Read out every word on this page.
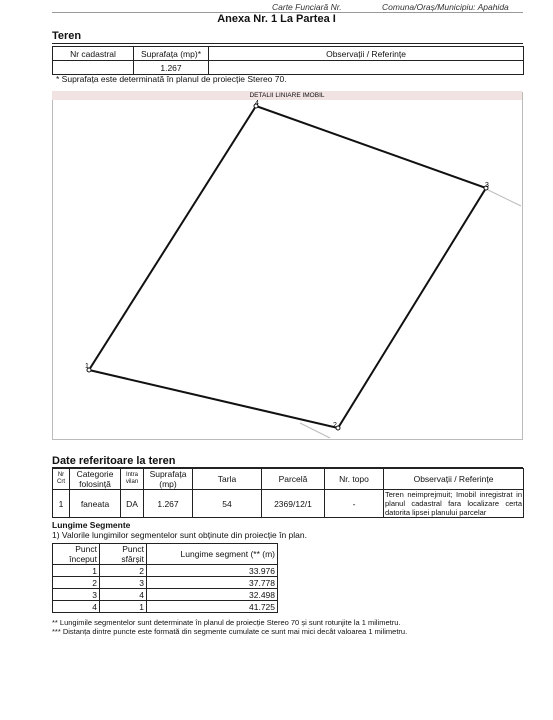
Carte Funciară Nr.	Comuna/Oraș/Municipiu: Apahida
Anexa Nr. 1 La Partea I
Teren
Nr cadastral	Suprafața (mp)*	Observații / Referințe
	1.267	
* Suprafața este determinată în planul de proiecție Stereo 70.
DETALII LINIARE IMOBIL
1
2
3
4
Date referitoare la teren
Nr Crt	Categorie folosință	Intra vilan	Suprafața (mp)	Tarla	Parcelă	Nr. topo	Observații / Referințe
1	faneata	DA	1.267	54	2369/12/1	-	Teren neimprejmuit; Imobil inregistrat in planul cadastral fara localizare certa datorita lipsei planului parcelar
Lungime Segmente
1) Valorile lungimilor segmentelor sunt obținute din proiecție în plan.
Punct început	Punct sfârșit	Lungime segment (** (m)
1	2	33.976
2	3	37.778
3	4	32.498
4	1	41.725
** Lungimile segmentelor sunt determinate în planul de proiecție Stereo 70 și sunt rotunjite la 1 milimetru.
*** Distanța dintre puncte este formată din segmente cumulate ce sunt mai mici decât valoarea 1 milimetru.
